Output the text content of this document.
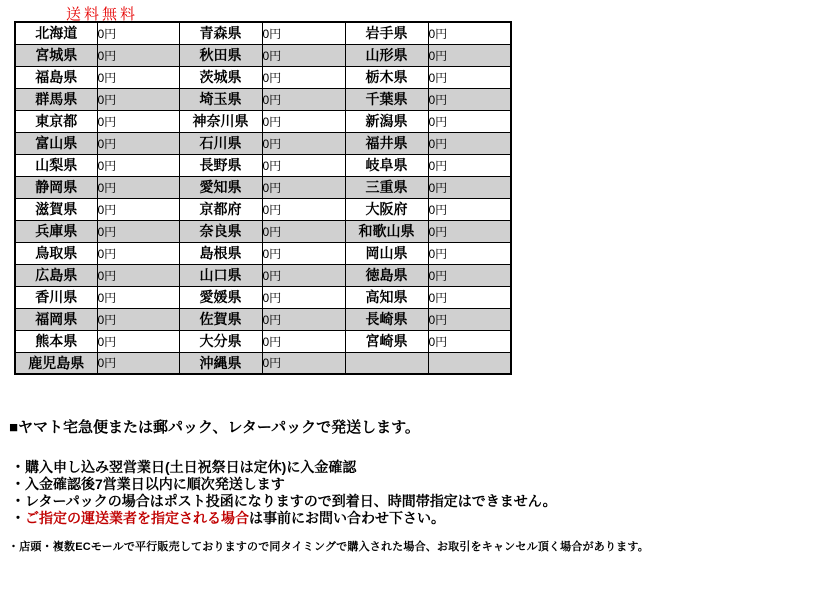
送料無料
北海道	0円	青森県	0円	岩手県	0円
宮城県	0円	秋田県	0円	山形県	0円
福島県	0円	茨城県	0円	栃木県	0円
群馬県	0円	埼玉県	0円	千葉県	0円
東京都	0円	神奈川県	0円	新潟県	0円
富山県	0円	石川県	0円	福井県	0円
山梨県	0円	長野県	0円	岐阜県	0円
静岡県	0円	愛知県	0円	三重県	0円
滋賀県	0円	京都府	0円	大阪府	0円
兵庫県	0円	奈良県	0円	和歌山県	0円
鳥取県	0円	島根県	0円	岡山県	0円
広島県	0円	山口県	0円	徳島県	0円
香川県	0円	愛媛県	0円	高知県	0円
福岡県	0円	佐賀県	0円	長崎県	0円
熊本県	0円	大分県	0円	宮崎県	0円
鹿児島県	0円	沖縄県	0円		
■ヤマト宅急便または郵パック、レターパックで発送します。
・購入申し込み翌営業日(土日祝祭日は定休)に入金確認
・入金確認後7営業日以内に順次発送します
・レターパックの場合はポスト投函になりますので到着日、時間帯指定はできません。
・ご指定の運送業者を指定される場合は事前にお問い合わせ下さい。
・店頭・複数ECモールで平行販売しておりますので同タイミングで購入された場合、お取引をキャンセル頂く場合があります。
